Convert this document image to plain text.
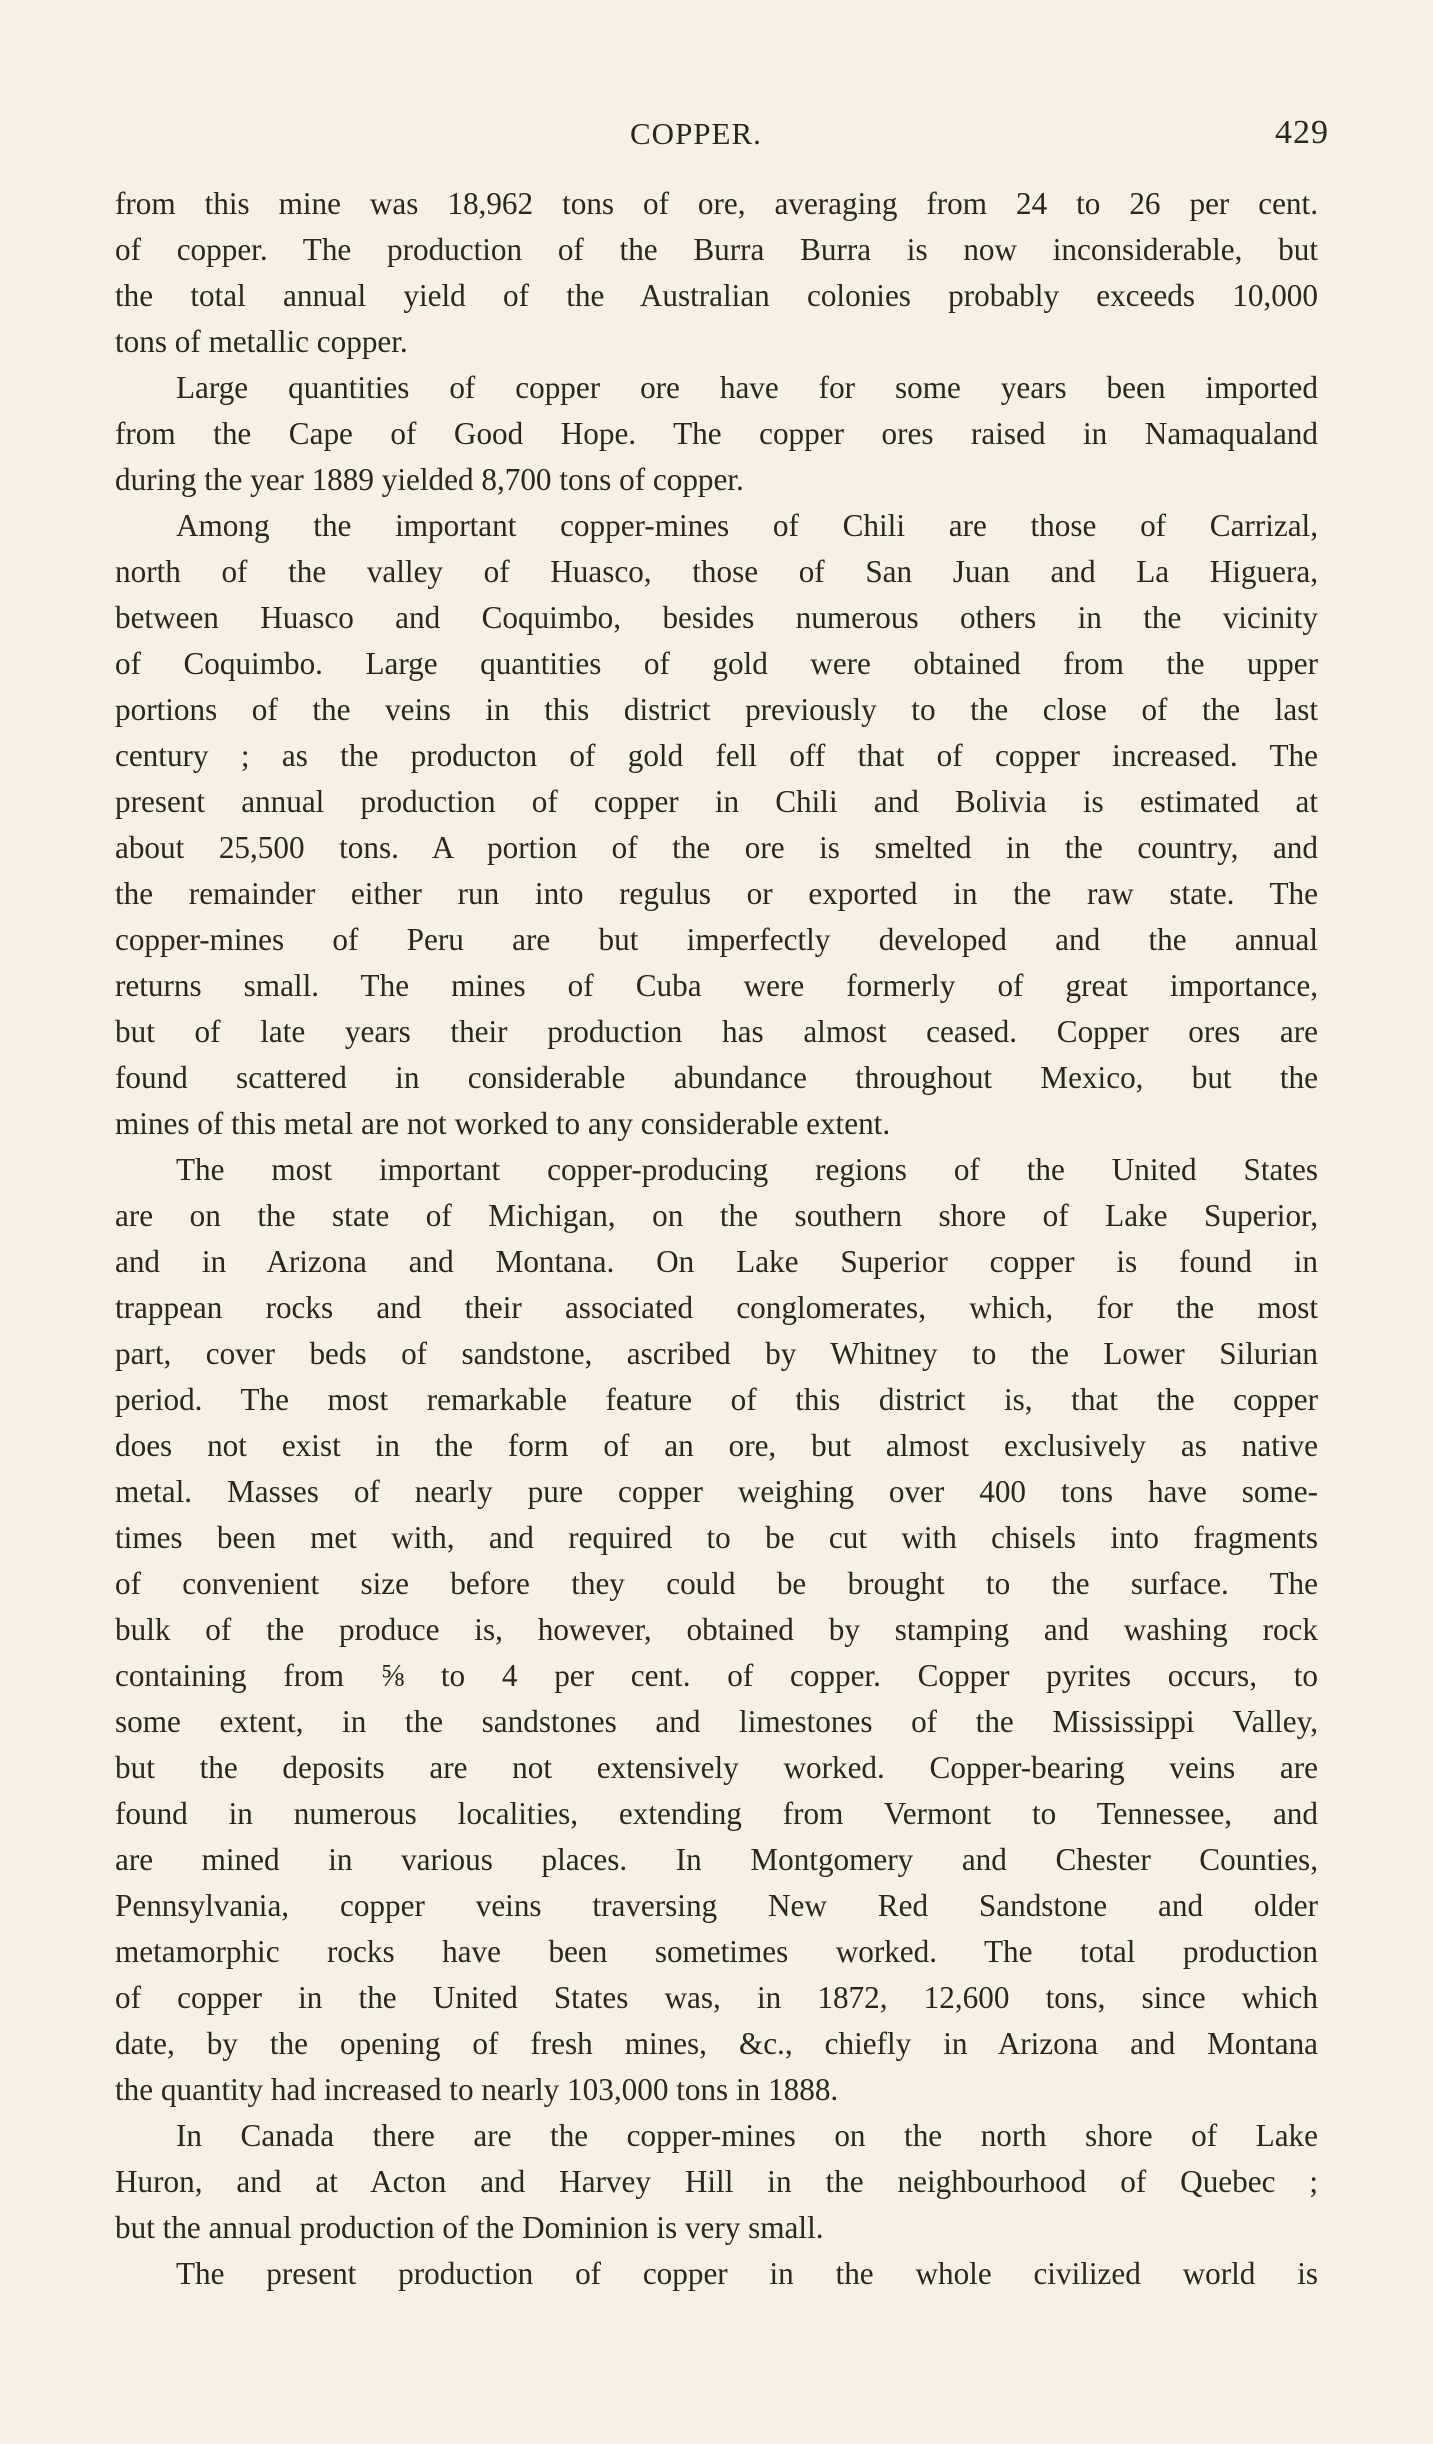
COPPER.	429
from this mine was 18,962 tons of ore, averaging from 24 to 26 per cent.
of copper. The production of the Burra Burra is now inconsiderable, but
the total annual yield of the Australian colonies probably exceeds 10,000
tons of metallic copper.
Large quantities of copper ore have for some years been imported
from the Cape of Good Hope. The copper ores raised in Namaqualand
during the year 1889 yielded 8,700 tons of copper.
Among the important copper-mines of Chili are those of Carrizal,
north of the valley of Huasco, those of San Juan and La Higuera,
between Huasco and Coquimbo, besides numerous others in the vicinity
of Coquimbo. Large quantities of gold were obtained from the upper
portions of the veins in this district previously to the close of the last
century ; as the producton of gold fell off that of copper increased. The
present annual production of copper in Chili and Bolivia is estimated at
about 25,500 tons. A portion of the ore is smelted in the country, and
the remainder either run into regulus or exported in the raw state. The
copper-mines of Peru are but imperfectly developed and the annual
returns small. The mines of Cuba were formerly of great importance,
but of late years their production has almost ceased. Copper ores are
found scattered in considerable abundance throughout Mexico, but the
mines of this metal are not worked to any considerable extent.
The most important copper-producing regions of the United States
are on the state of Michigan, on the southern shore of Lake Superior,
and in Arizona and Montana. On Lake Superior copper is found in
trappean rocks and their associated conglomerates, which, for the most
part, cover beds of sandstone, ascribed by Whitney to the Lower Silurian
period. The most remarkable feature of this district is, that the copper
does not exist in the form of an ore, but almost exclusively as native
metal. Masses of nearly pure copper weighing over 400 tons have some-
times been met with, and required to be cut with chisels into fragments
of convenient size before they could be brought to the surface. The
bulk of the produce is, however, obtained by stamping and washing rock
containing from ⅝ to 4 per cent. of copper. Copper pyrites occurs, to
some extent, in the sandstones and limestones of the Mississippi Valley,
but the deposits are not extensively worked. Copper-bearing veins are
found in numerous localities, extending from Vermont to Tennessee, and
are mined in various places. In Montgomery and Chester Counties,
Pennsylvania, copper veins traversing New Red Sandstone and older
metamorphic rocks have been sometimes worked. The total production
of copper in the United States was, in 1872, 12,600 tons, since which
date, by the opening of fresh mines, &c., chiefly in Arizona and Montana
the quantity had increased to nearly 103,000 tons in 1888.
In Canada there are the copper-mines on the north shore of Lake
Huron, and at Acton and Harvey Hill in the neighbourhood of Quebec ;
but the annual production of the Dominion is very small.
The present production of copper in the whole civilized world is
